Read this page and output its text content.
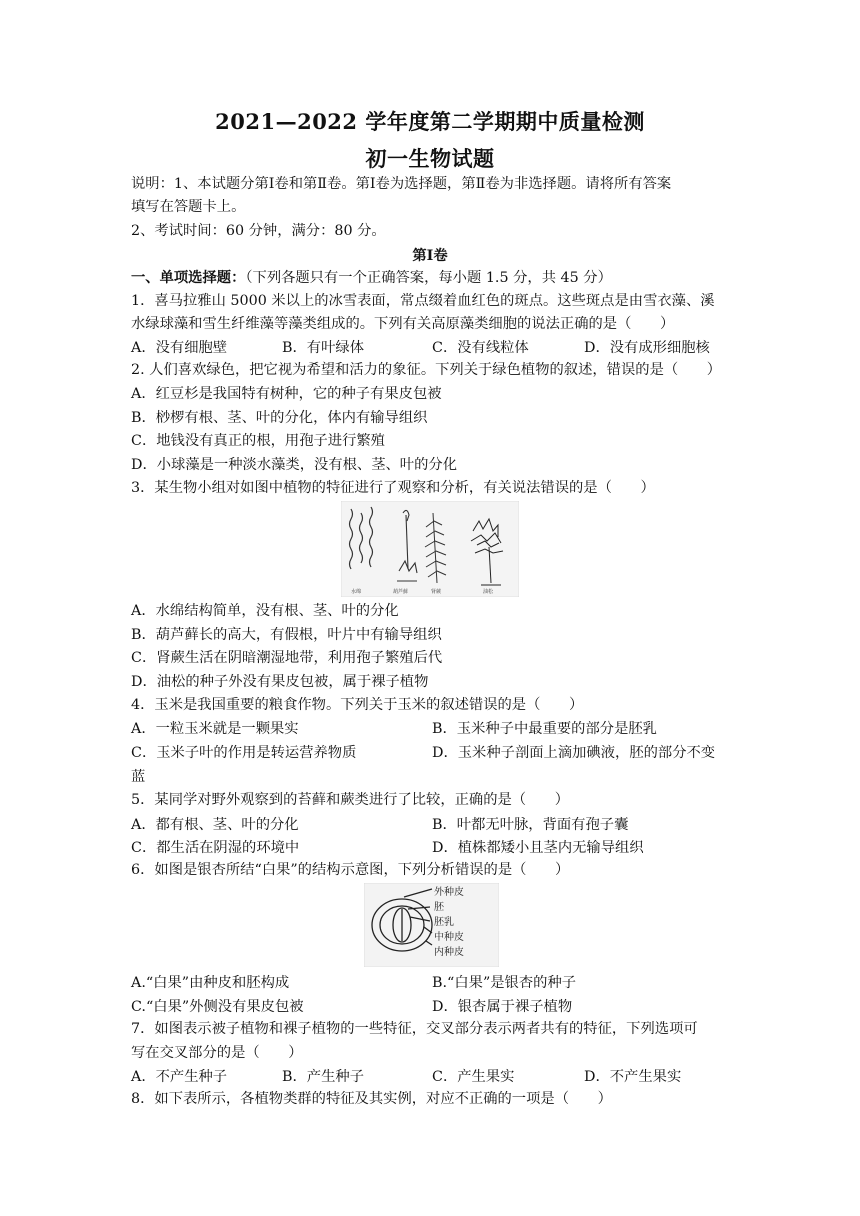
2021—2022 学年度第二学期期中质量检测
初一生物试题
说明：1、本试题分第Ⅰ卷和第Ⅱ卷。第Ⅰ卷为选择题，第Ⅱ卷为非选择题。请将所有答案
填写在答题卡上。
2、考试时间：60 分钟，满分：80 分。
第Ⅰ卷
一、单项选择题：（下列各题只有一个正确答案，每小题 1.5 分，共 45 分）
1．喜马拉雅山 5000 米以上的冰雪表面，常点缀着血红色的斑点。这些斑点是由雪衣藻、溪
水绿球藻和雪生纤维藻等藻类组成的。下列有关高原藻类细胞的说法正确的是（　　）
A．没有细胞壁	B．有叶绿体	C．没有线粒体	D．没有成形细胞核
2. 人们喜欢绿色，把它视为希望和活力的象征。下列关于绿色植物的叙述，错误的是（　　）
A．红豆杉是我国特有树种，它的种子有果皮包被
B．桫椤有根、茎、叶的分化，体内有输导组织
C．地钱没有真正的根，用孢子进行繁殖
D．小球藻是一种淡水藻类，没有根、茎、叶的分化
3．某生物小组对如图中植物的特征进行了观察和分析，有关说法错误的是（　　）
水绵	葫芦藓	肾蕨	油松
A．水绵结构简单，没有根、茎、叶的分化
B．葫芦藓长的高大，有假根，叶片中有输导组织
C．肾蕨生活在阴暗潮湿地带，利用孢子繁殖后代
D．油松的种子外没有果皮包被，属于裸子植物
4．玉米是我国重要的粮食作物。下列关于玉米的叙述错误的是（　　）
A．一粒玉米就是一颗果实	B．玉米种子中最重要的部分是胚乳
C．玉米子叶的作用是转运营养物质	D．玉米种子剖面上滴加碘液，胚的部分不变
蓝
5．某同学对野外观察到的苔藓和蕨类进行了比较，正确的是（　　）
A．都有根、茎、叶的分化	B．叶都无叶脉，背面有孢子囊
C．都生活在阴湿的环境中	D．植株都矮小且茎内无输导组织
6．如图是银杏所结“白果”的结构示意图，下列分析错误的是（　　）
外种皮
胚
胚乳
中种皮
内种皮
A.“白果”由种皮和胚构成	B.“白果”是银杏的种子
C.“白果”外侧没有果皮包被	D．银杏属于裸子植物
7．如图表示被子植物和裸子植物的一些特征，交叉部分表示两者共有的特征，下列选项可
写在交叉部分的是（　　）
A．不产生种子	B．产生种子	C．产生果实	D．不产生果实
8．如下表所示，各植物类群的特征及其实例，对应不正确的一项是（　　）
